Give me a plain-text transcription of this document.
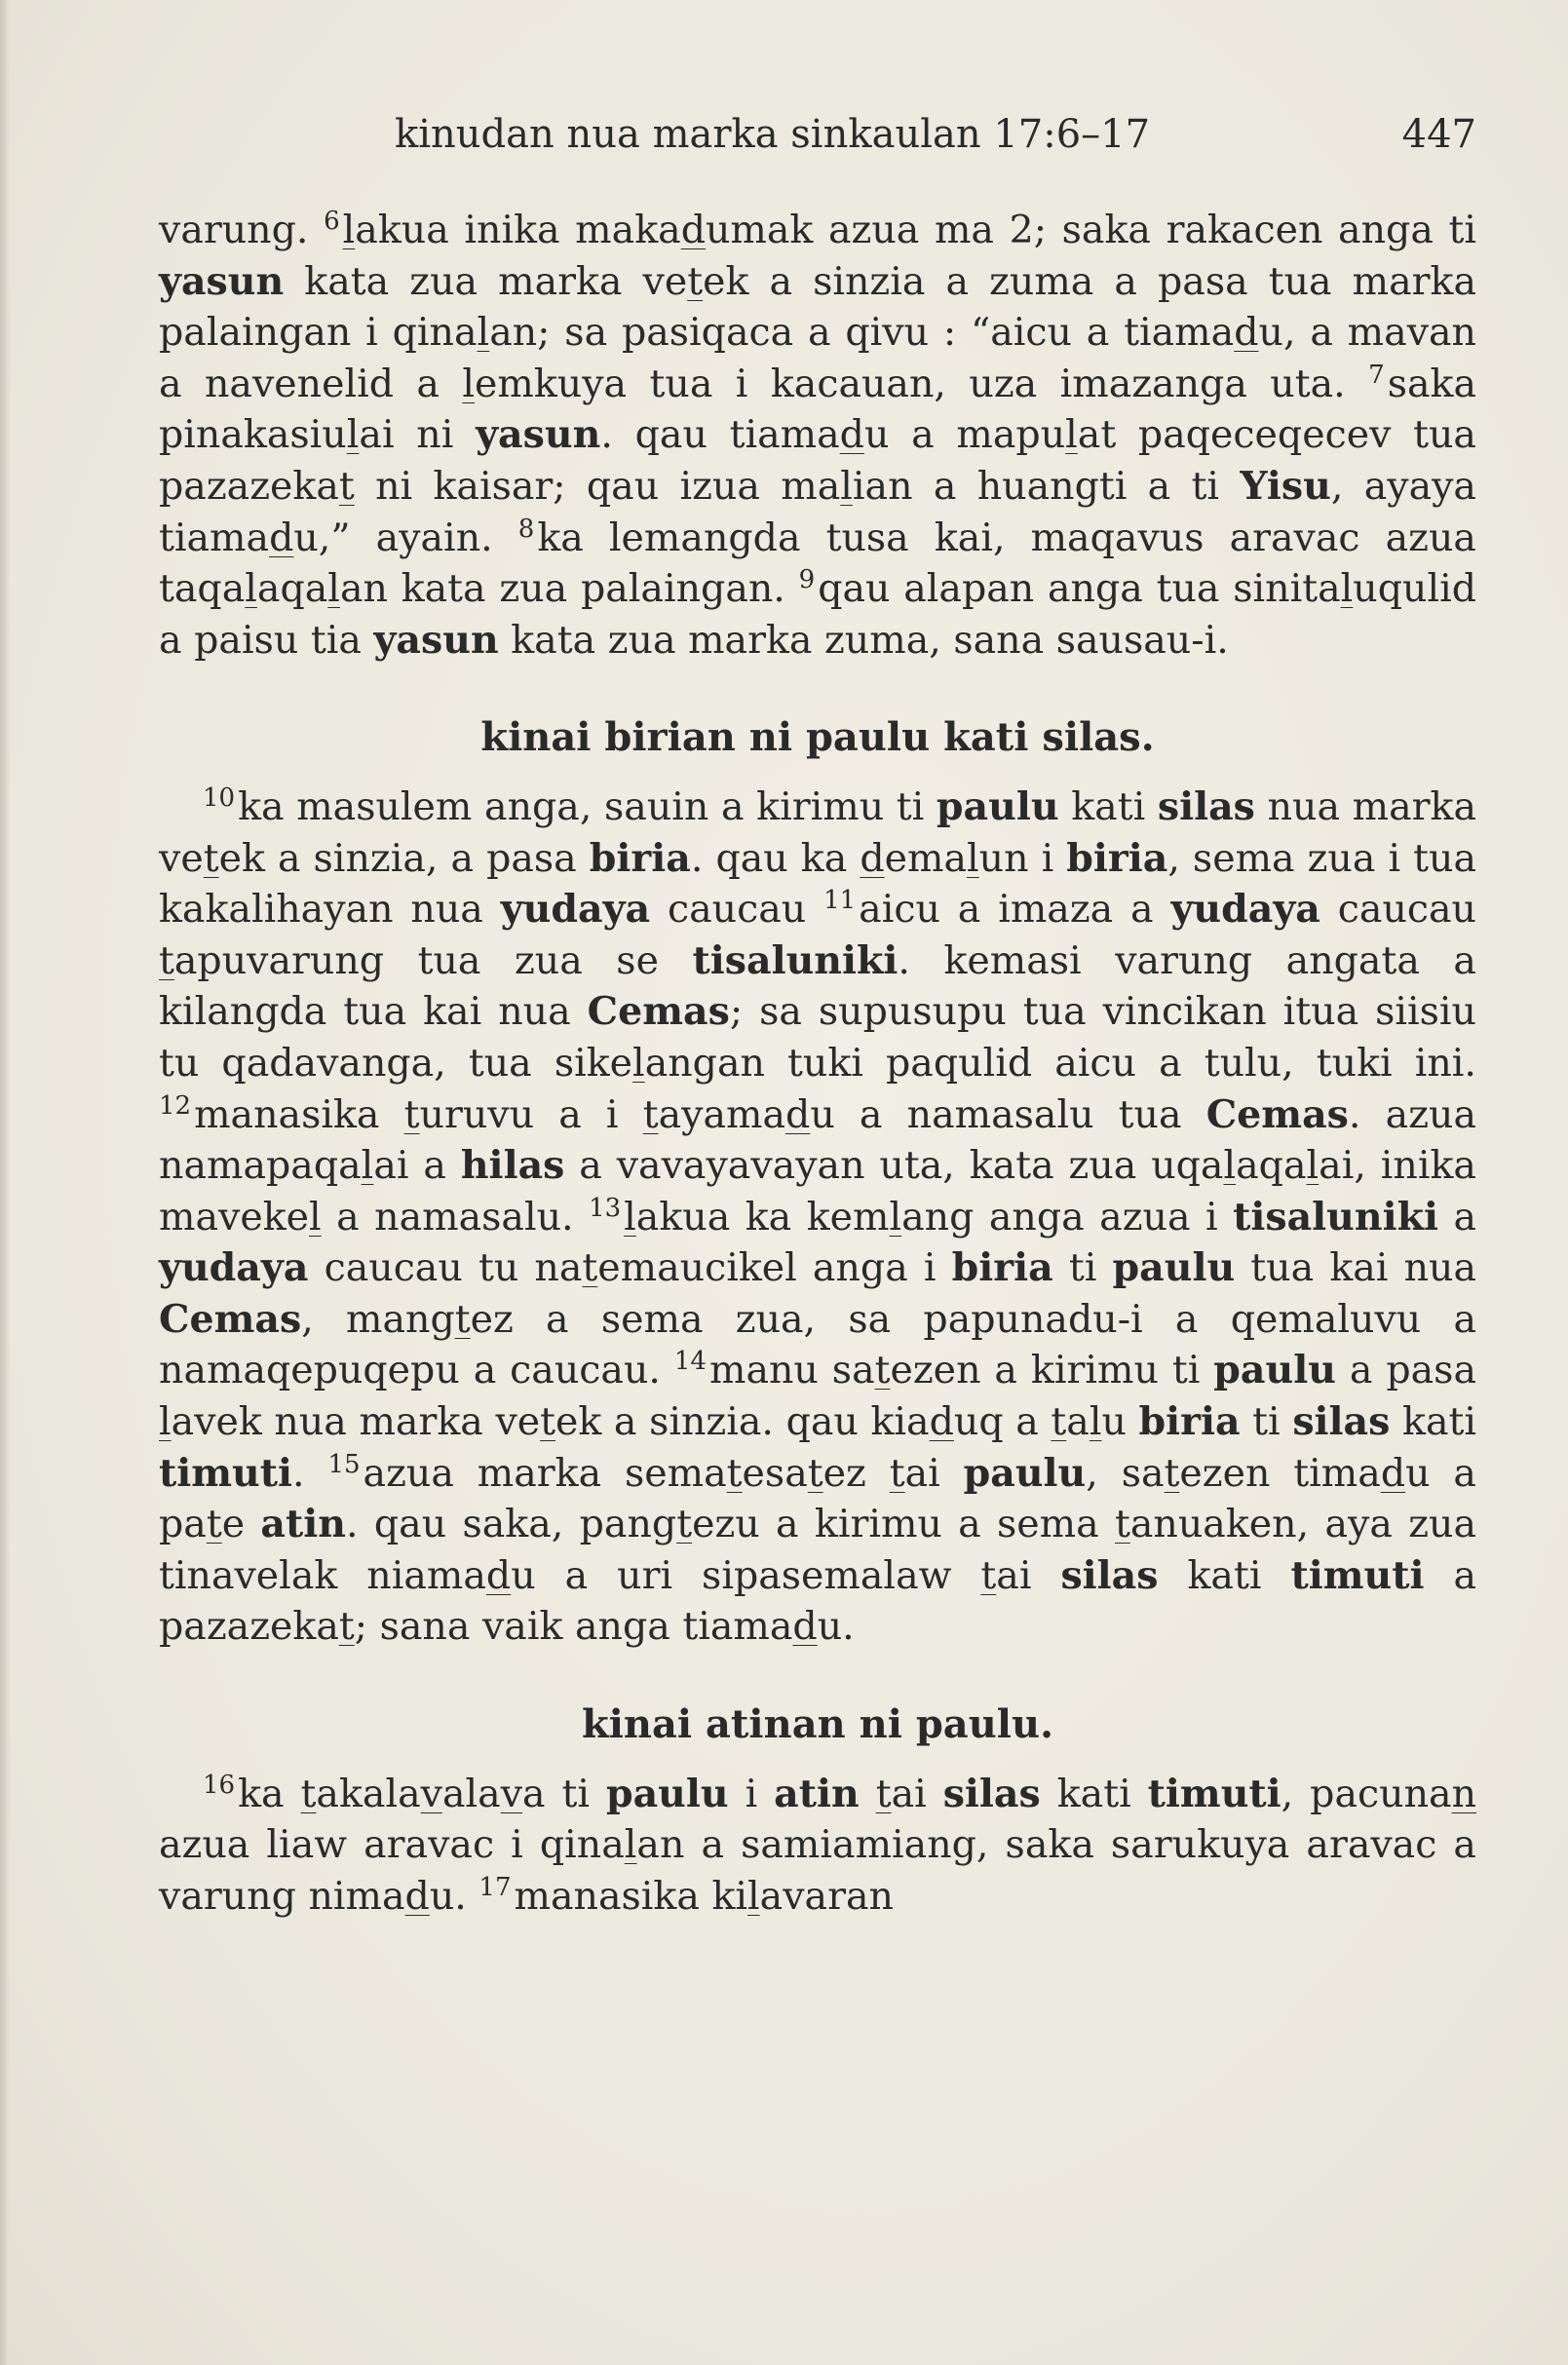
kinudan nua marka sinkaulan 17:6–17	447

varung. $^6$lakua inika makadumak azua ma 2; saka rakacen anga ti yasun kata zua marka vetek a sinzia a zuma a pasa tua marka palaingan i qinalan; sa pasiqaca a qivu : “aicu a tiamadu, a mavan a navenelid a lemkuya tua i kacauan, uza imazanga uta. $^7$saka pinakasiulai ni yasun. qau tiamadu a mapulat paqeceqecev tua pazazekat ni kaisar; qau izua malian a huangti a ti Yisu, ayaya tiamadu,” ayain. $^8$ka lemangda tusa kai, maqavus aravac azua taqalaqalan kata zua palaingan. $^9$qau alapan anga tua sinitaluqulid a paisu tia yasun kata zua marka zuma, sana sausau-i.

kinai birian ni paulu kati silas.

$^{10}$ka masulem anga, sauin a kirimu ti paulu kati silas nua marka vetek a sinzia, a pasa biria. qau ka demalun i biria, sema zua i tua kakalihayan nua yudaya caucau $^{11}$aicu a imaza a yudaya caucau tapuvarung tua zua se tisaluniki. kemasi varung angata a kilangda tua kai nua Cemas; sa supusupu tua vincikan itua siisiu tu qadavanga, tua sikelangan tuki paqulid aicu a tulu, tuki ini. $^{12}$manasika turuvu a i tayamadu a namasalu tua Cemas. azua namapaqalai a hilas a vavayavayan uta, kata zua uqalaqalai, inika mavekel a namasalu. $^{13}$lakua ka kemlang anga azua i tisaluniki a yudaya caucau tu natemaucikel anga i biria ti paulu tua kai nua Cemas, mangtez a sema zua, sa papunadu-i a qemaluvu a namaqepuqepu a caucau. $^{14}$manu satezen a kirimu ti paulu a pasa lavek nua marka vetek a sinzia. qau kiaduq a talu biria ti silas kati timuti. $^{15}$azua marka sematesatez tai paulu, satezen timadu a pate atin. qau saka, pangtezu a kirimu a sema tanuaken, aya zua tinavelak niamadu a uri sipasemalaw tai silas kati timuti a pazazekat; sana vaik anga tiamadu.

kinai atinan ni paulu.

$^{16}$ka takalavalava ti paulu i atin tai silas kati timuti, pacunan azua liaw aravac i qinalan a samiamiang, saka sarukuya aravac a varung nimadu. $^{17}$manasika kilavaran
